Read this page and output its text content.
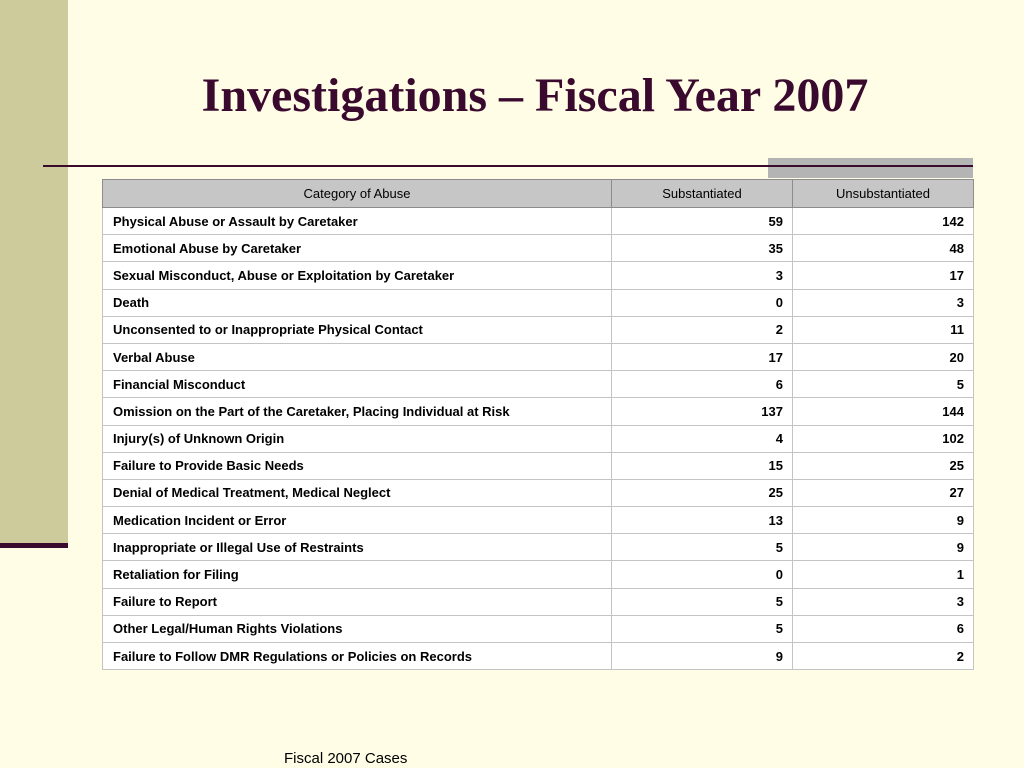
Investigations – Fiscal Year 2007
Category of Abuse	Substantiated	Unsubstantiated
Physical Abuse or Assault by Caretaker	59	142
Emotional Abuse by Caretaker	35	48
Sexual Misconduct, Abuse or Exploitation by Caretaker	3	17
Death	0	3
Unconsented to or Inappropriate Physical Contact	2	11
Verbal Abuse	17	20
Financial Misconduct	6	5
Omission on the Part of the Caretaker, Placing Individual at Risk	137	144
Injury(s) of Unknown Origin	4	102
Failure to Provide Basic Needs	15	25
Denial of Medical Treatment, Medical Neglect	25	27
Medication Incident or Error	13	9
Inappropriate or Illegal Use of Restraints	5	9
Retaliation for Filing	0	1
Failure to Report	5	3
Other Legal/Human Rights Violations	5	6
Failure to Follow DMR Regulations or Policies on Records	9	2

Fiscal 2007 Cases
